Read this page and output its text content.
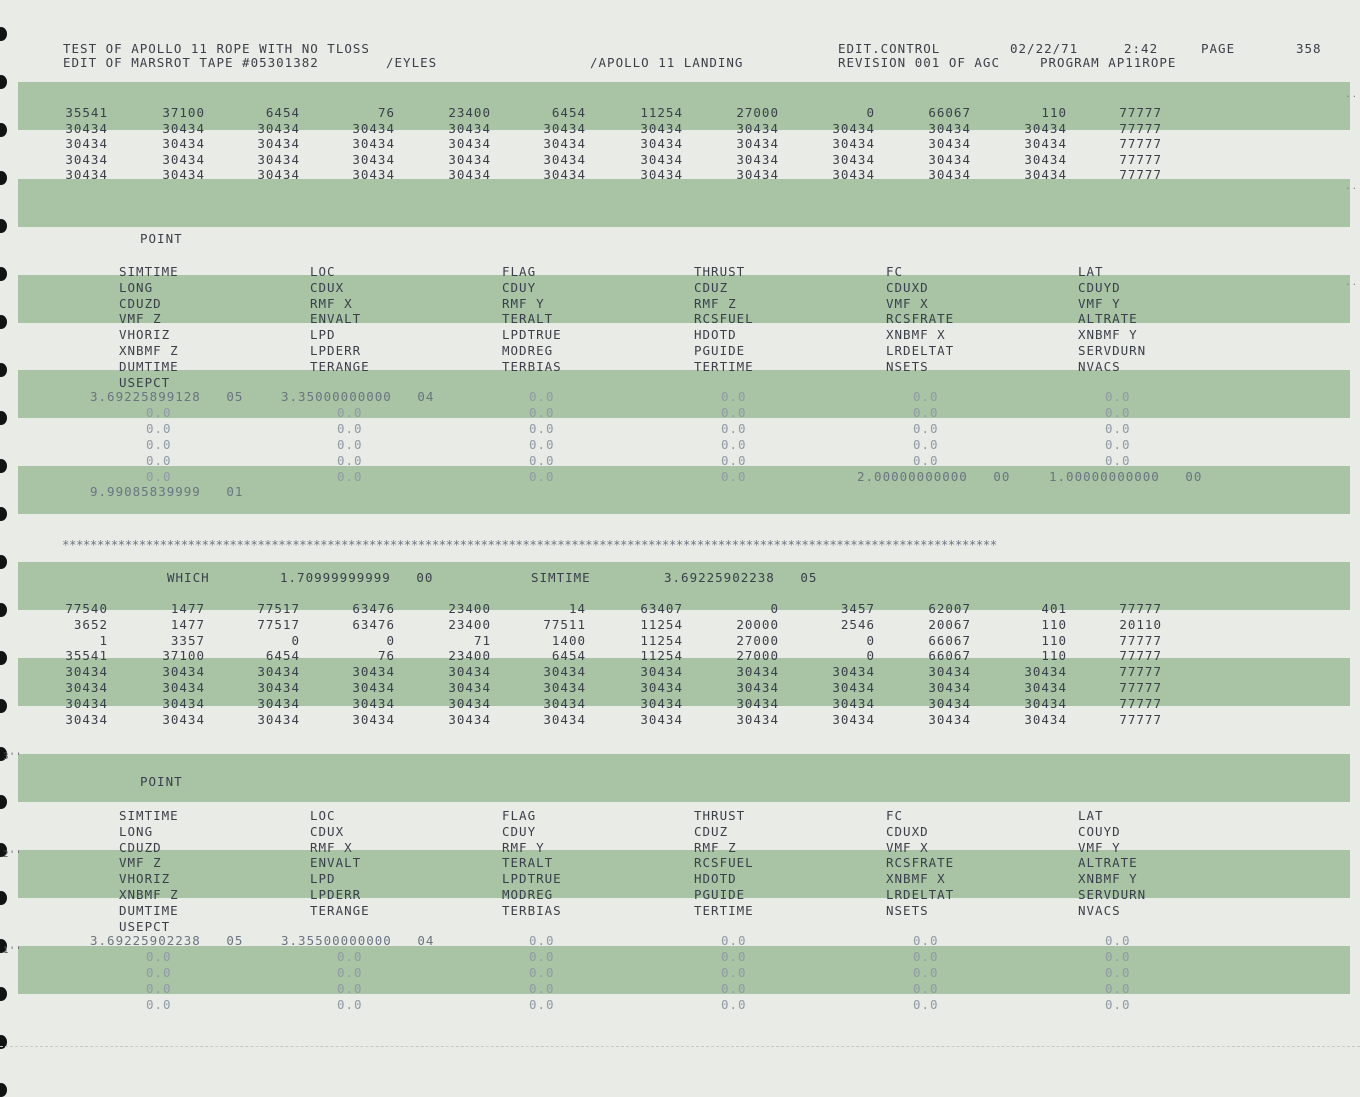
..
..
..
3''
2''
1''
TEST OF APOLLO 11 ROPE WITH NO TLOSS
EDIT OF MARSROT TAPE #05301382	/EYLES	/APOLLO 11 LANDING
EDIT.CONTROL	02/22/71	2:42	PAGE	358
REVISION 001 OF AGC	PROGRAM AP11ROPE
35541	37100	6454	76	23400	6454	11254	27000	0	66067	110	77777
30434	30434	30434	30434	30434	30434	30434	30434	30434	30434	30434	77777
30434	30434	30434	30434	30434	30434	30434	30434	30434	30434	30434	77777
30434	30434	30434	30434	30434	30434	30434	30434	30434	30434	30434	77777
30434	30434	30434	30434	30434	30434	30434	30434	30434	30434	30434	77777
POINT
SIMTIME	LOC	FLAG	THRUST	FC	LAT
LONG	CDUX	CDUY	CDUZ	CDUXD	CDUYD
CDUZD	RMF X	RMF Y	RMF Z	VMF X	VMF Y
VMF Z	ENVALT	TERALT	RCSFUEL	RCSFRATE	ALTRATE
VHORIZ	LPD	LPDTRUE	HDOTD	XNBMF X	XNBMF Y
XNBMF Z	LPDERR	MODREG	PGUIDE	LRDELTAT	SERVDURN
DUMTIME	TERANGE	TERBIAS	TERTIME	NSETS	NVACS
USEPCT
3.69225899128   05	3.35000000000   04	0.0	0.0	0.0	0.0
0.0	0.0	0.0	0.0	0.0	0.0
0.0	0.0	0.0	0.0	0.0	0.0
0.0	0.0	0.0	0.0	0.0	0.0
0.0	0.0	0.0	0.0	0.0	0.0
0.0	0.0	0.0	0.0	2.00000000000   00	1.00000000000   00
9.99085839999   01
**************************************************************************************************************************************
WHICH	1.70999999999   00	SIMTIME	3.69225902238   05
77540	1477	77517	63476	23400	14	63407	0	3457	62007	401	77777
3652	1477	77517	63476	23400	77511	11254	20000	2546	20067	110	20110
1	3357	0	0	71	1400	11254	27000	0	66067	110	77777
35541	37100	6454	76	23400	6454	11254	27000	0	66067	110	77777
30434	30434	30434	30434	30434	30434	30434	30434	30434	30434	30434	77777
30434	30434	30434	30434	30434	30434	30434	30434	30434	30434	30434	77777
30434	30434	30434	30434	30434	30434	30434	30434	30434	30434	30434	77777
30434	30434	30434	30434	30434	30434	30434	30434	30434	30434	30434	77777
POINT
SIMTIME	LOC	FLAG	THRUST	FC	LAT
LONG	CDUX	CDUY	CDUZ	CDUXD	COUYD
CDUZD	RMF X	RMF Y	RMF Z	VMF X	VMF Y
VMF Z	ENVALT	TERALT	RCSFUEL	RCSFRATE	ALTRATE
VHORIZ	LPD	LPDTRUE	HDOTD	XNBMF X	XNBMF Y
XNBMF Z	LPDERR	MODREG	PGUIDE	LRDELTAT	SERVDURN
DUMTIME	TERANGE	TERBIAS	TERTIME	NSETS	NVACS
USEPCT
3.69225902238   05	3.35500000000   04	0.0	0.0	0.0	0.0
0.0	0.0	0.0	0.0	0.0	0.0
0.0	0.0	0.0	0.0	0.0	0.0
0.0	0.0	0.0	0.0	0.0	0.0
0.0	0.0	0.0	0.0	0.0	0.0
